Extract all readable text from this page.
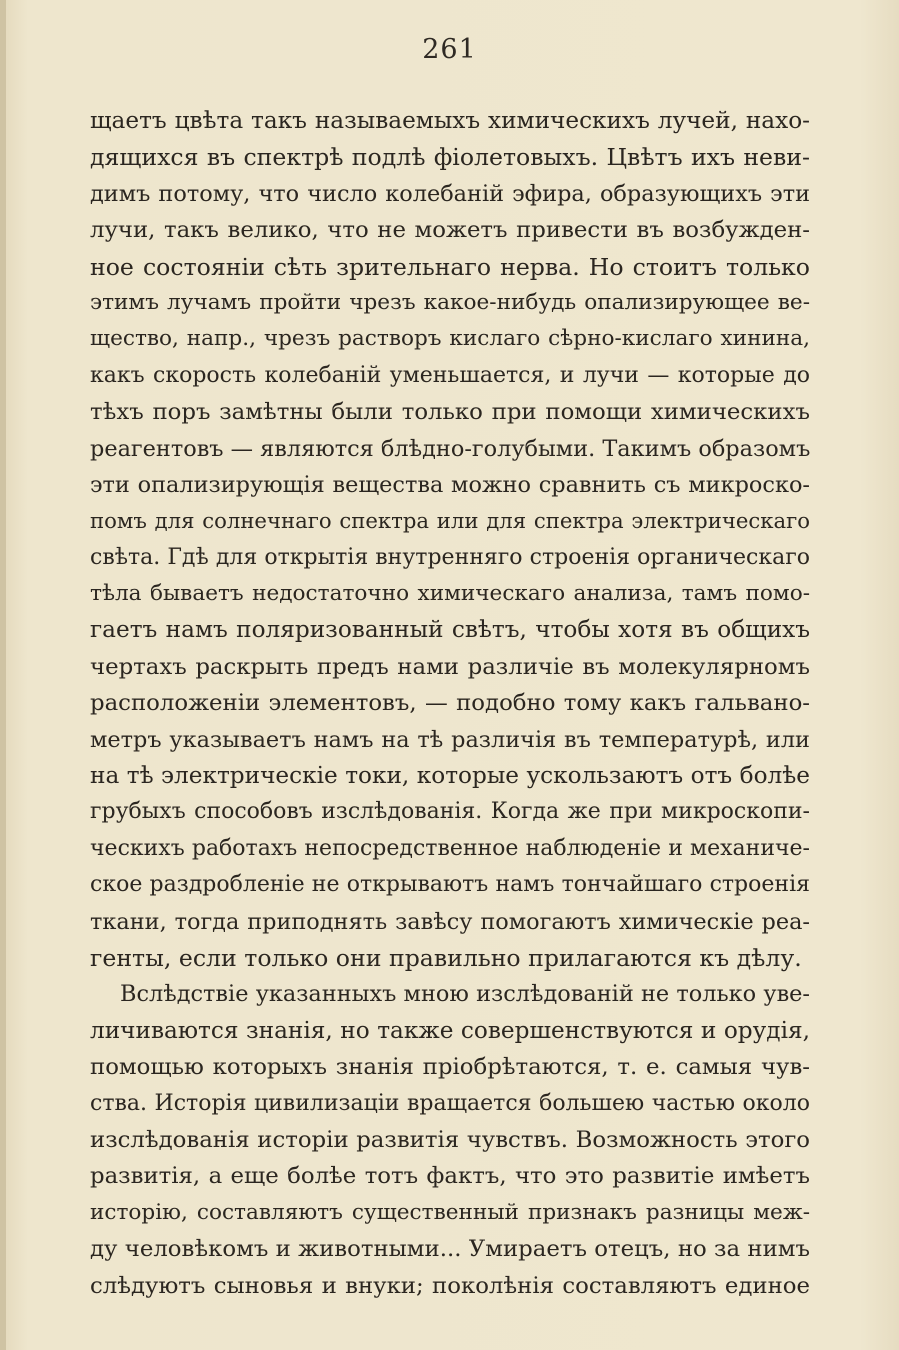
261
щаетъ цвѣта такъ называемыхъ химическихъ лучей, нахо-
дящихся въ спектрѣ подлѣ фіолетовыхъ. Цвѣтъ ихъ неви-
димъ потому, что число колебаній эфира, образующихъ эти
лучи, такъ велико, что не можетъ привести въ возбужден-
ное состояніи сѣть зрительнаго нерва. Но стоитъ только
этимъ лучамъ пройти чрезъ какое-нибудь опализирующее ве-
щество, напр., чрезъ растворъ кислаго сѣрно-кислаго хинина,
какъ скорость колебаній уменьшается, и лучи — которые до
тѣхъ поръ замѣтны были только при помощи химическихъ
реагентовъ — являются блѣдно-голубыми. Такимъ образомъ
эти опализирующія вещества можно сравнить съ микроско-
помъ для солнечнаго спектра или для спектра электрическаго
свѣта. Гдѣ для открытія внутренняго строенія органическаго
тѣла бываетъ недостаточно химическаго анализа, тамъ помо-
гаетъ намъ поляризованный свѣтъ, чтобы хотя въ общихъ
чертахъ раскрыть предъ нами различіе въ молекулярномъ
расположеніи элементовъ, — подобно тому какъ гальвано-
метръ указываетъ намъ на тѣ различія въ температурѣ, или
на тѣ электрическіе токи, которые ускользаютъ отъ болѣе
грубыхъ способовъ изслѣдованія. Когда же при микроскопи-
ческихъ работахъ непосредственное наблюденіе и механиче-
ское раздробленіе не открываютъ намъ тончайшаго строенія
ткани, тогда приподнять завѣсу помогаютъ химическіе реа-
генты, если только они правильно прилагаются къ дѣлу.
Вслѣдствіе указанныхъ мною изслѣдованій не только уве-
личиваются знанія, но также совершенствуются и орудія,
помощью которыхъ знанія пріобрѣтаются, т. е. самыя чув-
ства. Исторія цивилизаціи вращается большею частью около
изслѣдованія исторіи развитія чувствъ. Возможность этого
развитія, а еще болѣе тотъ фактъ, что это развитіе имѣетъ
исторію, составляютъ существенный признакъ разницы меж-
ду человѣкомъ и животными... Умираетъ отецъ, но за нимъ
слѣдуютъ сыновья и внуки; поколѣнія составляютъ единое
